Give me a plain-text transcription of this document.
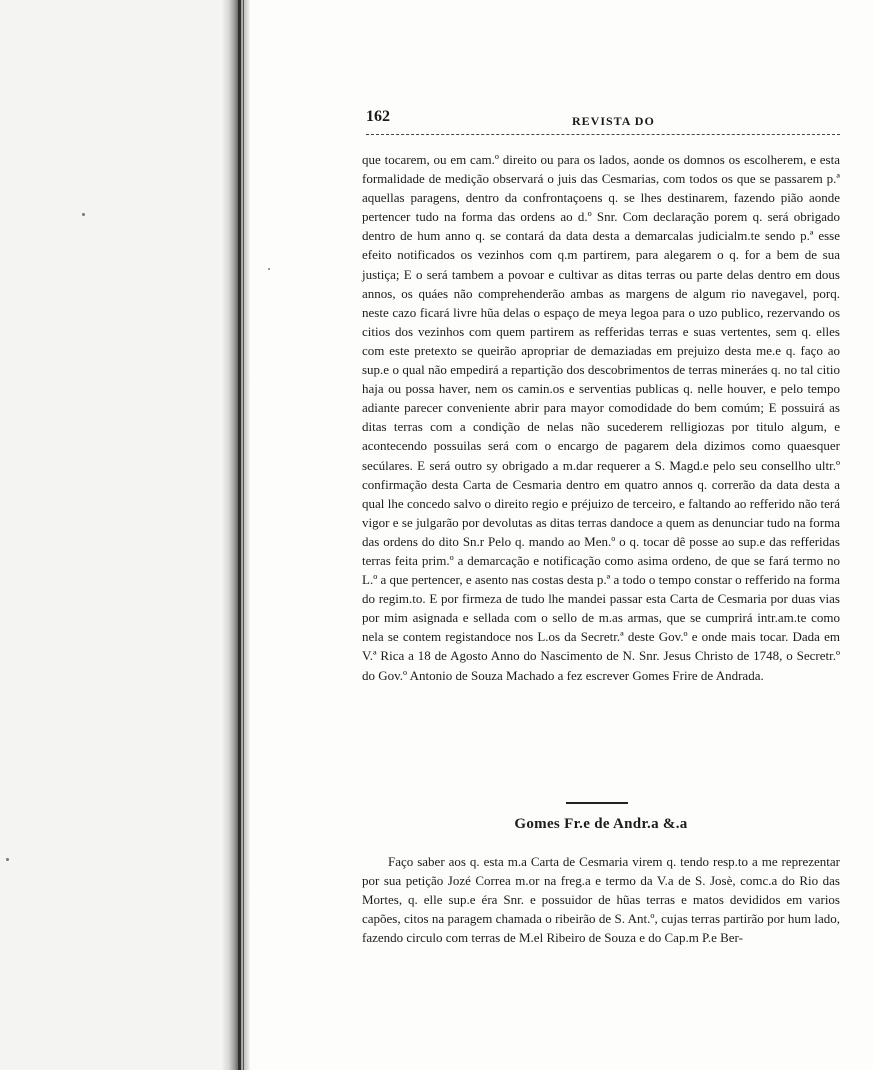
162	REVISTA DO

que tocarem, ou em cam.º direito ou para os lados, aonde os domnos os escolherem, e esta formalidade de medição observará o juis das Cesmarias, com todos os que se passarem p.ª aquellas paragens, dentro da confrontaçoens q. se lhes destinarem, fazendo pião aonde pertencer tudo na forma das ordens ao d.º Snr. Com declaração porem q. será obrigado dentro de hum anno q. se contará da data desta a demarcalas judicialm.te sendo p.ª esse efeito notificados os vezinhos com q.m partirem, para alegarem o q. for a bem de sua justiça; E o será tambem a povoar e cultivar as ditas terras ou parte delas dentro em dous annos, os quáes não comprehenderão ambas as margens de algum rio navegavel, porq. neste cazo ficará livre hũa delas o espaço de meya legoa para o uzo publico, rezervando os citios dos vezinhos com quem partirem as refferidas terras e suas vertentes, sem q. elles com este pretexto se queirão apropriar de demaziadas em prejuizo desta me.e q. faço ao sup.e o qual não empedirá a repartição dos descobrimentos de terras mineráes q. no tal citio haja ou possa haver, nem os camin.os e serventias publicas q. nelle houver, e pelo tempo adiante parecer conveniente abrir para mayor comodidade do bem comúm; E possuirá as ditas terras com a condição de nelas não sucederem relligiozas por titulo algum, e acontecendo possuilas será com o encargo de pagarem dela dizimos como quaesquer secúlares. E será outro sy obrigado a m.dar requerer a S. Magd.e pelo seu consellho ultr.º confirmação desta Carta de Cesmaria dentro em quatro annos q. correrão da data desta a qual lhe concedo salvo o direito regio e préjuizo de terceiro, e faltando ao refferido não terá vigor e se julgarão por devolutas as ditas terras dandoce a quem as denunciar tudo na forma das ordens do dito Sn.r Pelo q. mando ao Men.º o q. tocar dê posse ao sup.e das refferidas terras feita prim.º a demarcação e notificação como asima ordeno, de que se fará termo no L.º a que pertencer, e asento nas costas desta p.ª a todo o tempo constar o refferido na forma do regim.to. E por firmeza de tudo lhe mandei passar esta Carta de Cesmaria por duas vias por mim asignada e sellada com o sello de m.as armas, que se cumprirá intr.am.te como nela se contem registandoce nos L.os da Secretr.ª deste Gov.º e onde mais tocar. Dada em V.ª Rica a 18 de Agosto Anno do Nascimento de N. Snr. Jesus Christo de 1748, o Secretr.º do Gov.º Antonio de Souza Machado a fez escrever Gomes Frire de Andrada.

Gomes Fr.e de Andr.a &.a

Faço saber aos q. esta m.a Carta de Cesmaria virem q. tendo resp.to a me reprezentar por sua petição Jozé Correa m.or na freg.a e termo da V.a de S. Josè, comc.a do Rio das Mortes, q. elle sup.e éra Snr. e possuidor de hũas terras e matos devididos em varios capões, citos na paragem chamada o ribeirão de S. Ant.º, cujas terras partirão por hum lado, fazendo circulo com terras de M.el Ribeiro de Souza e do Cap.m P.e Ber-
